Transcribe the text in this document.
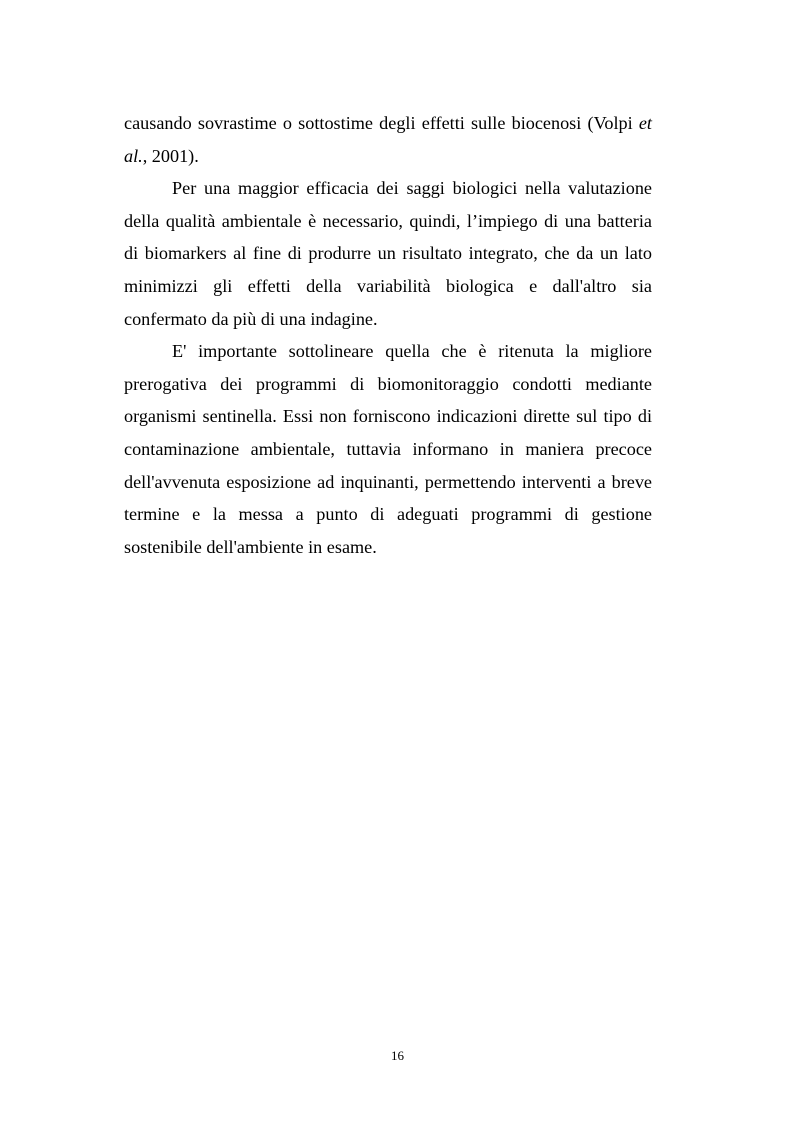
causando sovrastime o sottostime degli effetti sulle biocenosi (Volpi et al., 2001).

Per una maggior efficacia dei saggi biologici nella valutazione della qualità ambientale è necessario, quindi, l’impiego di una batteria di biomarkers al fine di produrre un risultato integrato, che da un lato minimizzi gli effetti della variabilità biologica e dall'altro sia confermato da più di una indagine.

E' importante sottolineare quella che è ritenuta la migliore prerogativa dei programmi di biomonitoraggio condotti mediante organismi sentinella. Essi non forniscono indicazioni dirette sul tipo di contaminazione ambientale, tuttavia informano in maniera precoce dell'avvenuta esposizione ad inquinanti, permettendo interventi a breve termine e la messa a punto di adeguati programmi di gestione sostenibile dell'ambiente in esame.

16
